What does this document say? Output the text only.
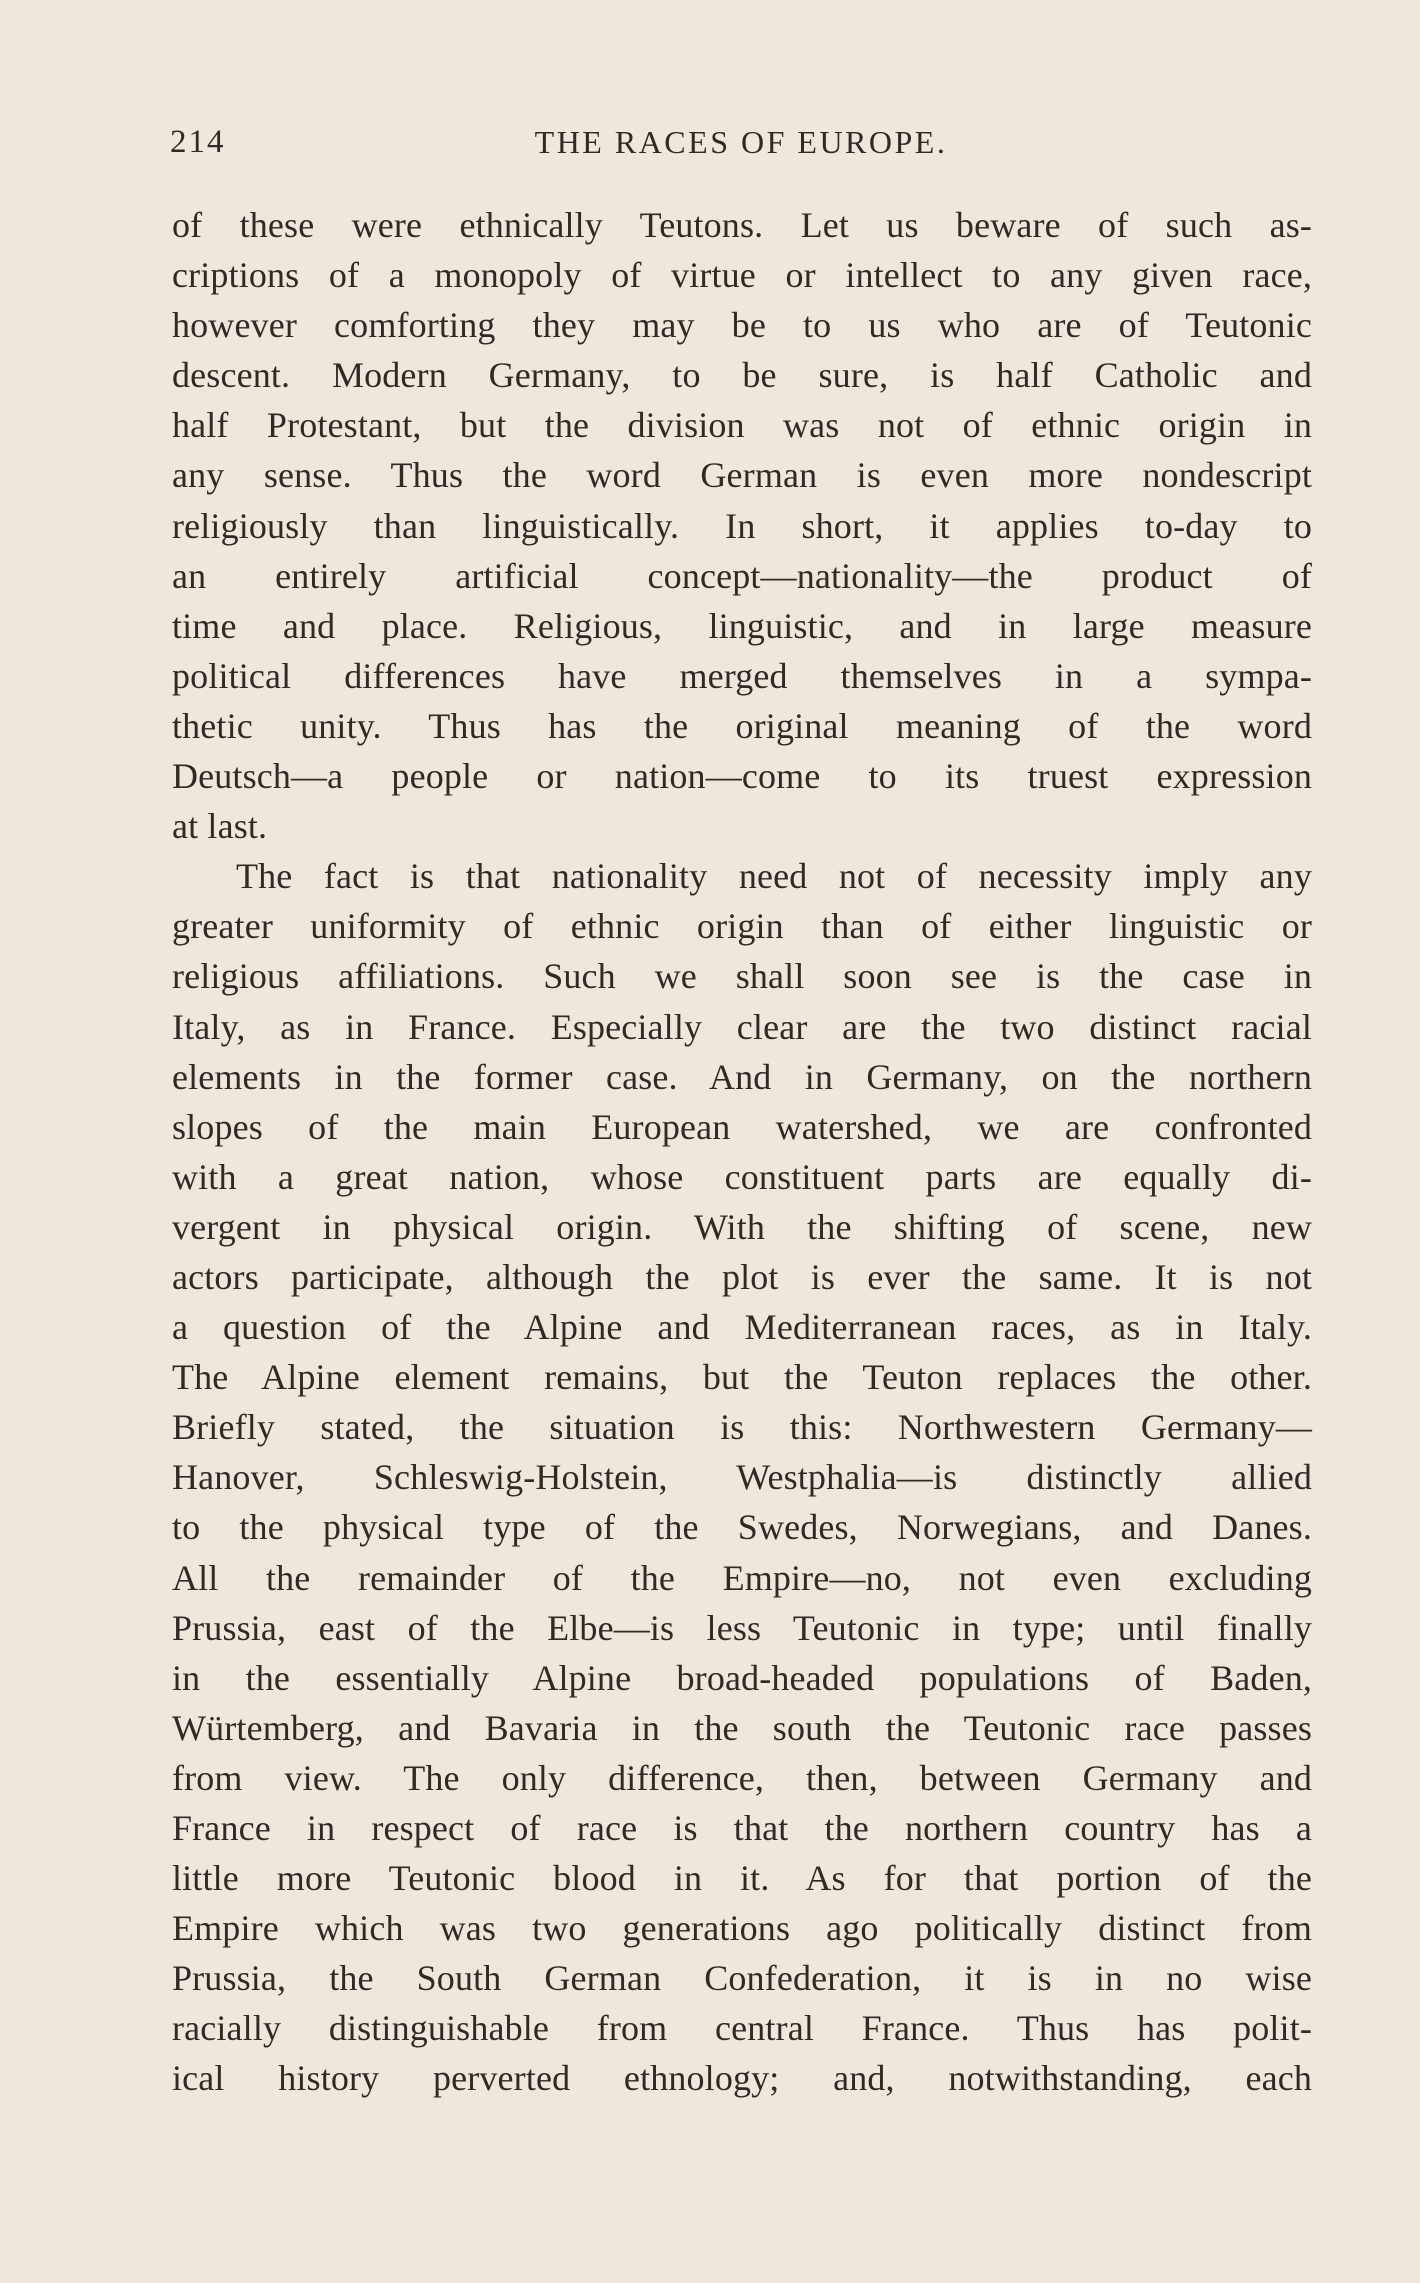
214	THE RACES OF EUROPE.
of these were ethnically Teutons. Let us beware of such as-
criptions of a monopoly of virtue or intellect to any given race,
however comforting they may be to us who are of Teutonic
descent. Modern Germany, to be sure, is half Catholic and
half Protestant, but the division was not of ethnic origin in
any sense. Thus the word German is even more nondescript
religiously than linguistically. In short, it applies to-day to
an entirely artificial concept—nationality—the product of
time and place. Religious, linguistic, and in large measure
political differences have merged themselves in a sympa-
thetic unity. Thus has the original meaning of the word
Deutsch—a people or nation—come to its truest expression
at last.
The fact is that nationality need not of necessity imply any
greater uniformity of ethnic origin than of either linguistic or
religious affiliations. Such we shall soon see is the case in
Italy, as in France. Especially clear are the two distinct racial
elements in the former case. And in Germany, on the northern
slopes of the main European watershed, we are confronted
with a great nation, whose constituent parts are equally di-
vergent in physical origin. With the shifting of scene, new
actors participate, although the plot is ever the same. It is not
a question of the Alpine and Mediterranean races, as in Italy.
The Alpine element remains, but the Teuton replaces the other.
Briefly stated, the situation is this: Northwestern Germany—
Hanover, Schleswig-Holstein, Westphalia—is distinctly allied
to the physical type of the Swedes, Norwegians, and Danes.
All the remainder of the Empire—no, not even excluding
Prussia, east of the Elbe—is less Teutonic in type; until finally
in the essentially Alpine broad-headed populations of Baden,
Würtemberg, and Bavaria in the south the Teutonic race passes
from view. The only difference, then, between Germany and
France in respect of race is that the northern country has a
little more Teutonic blood in it. As for that portion of the
Empire which was two generations ago politically distinct from
Prussia, the South German Confederation, it is in no wise
racially distinguishable from central France. Thus has polit-
ical history perverted ethnology; and, notwithstanding, each
